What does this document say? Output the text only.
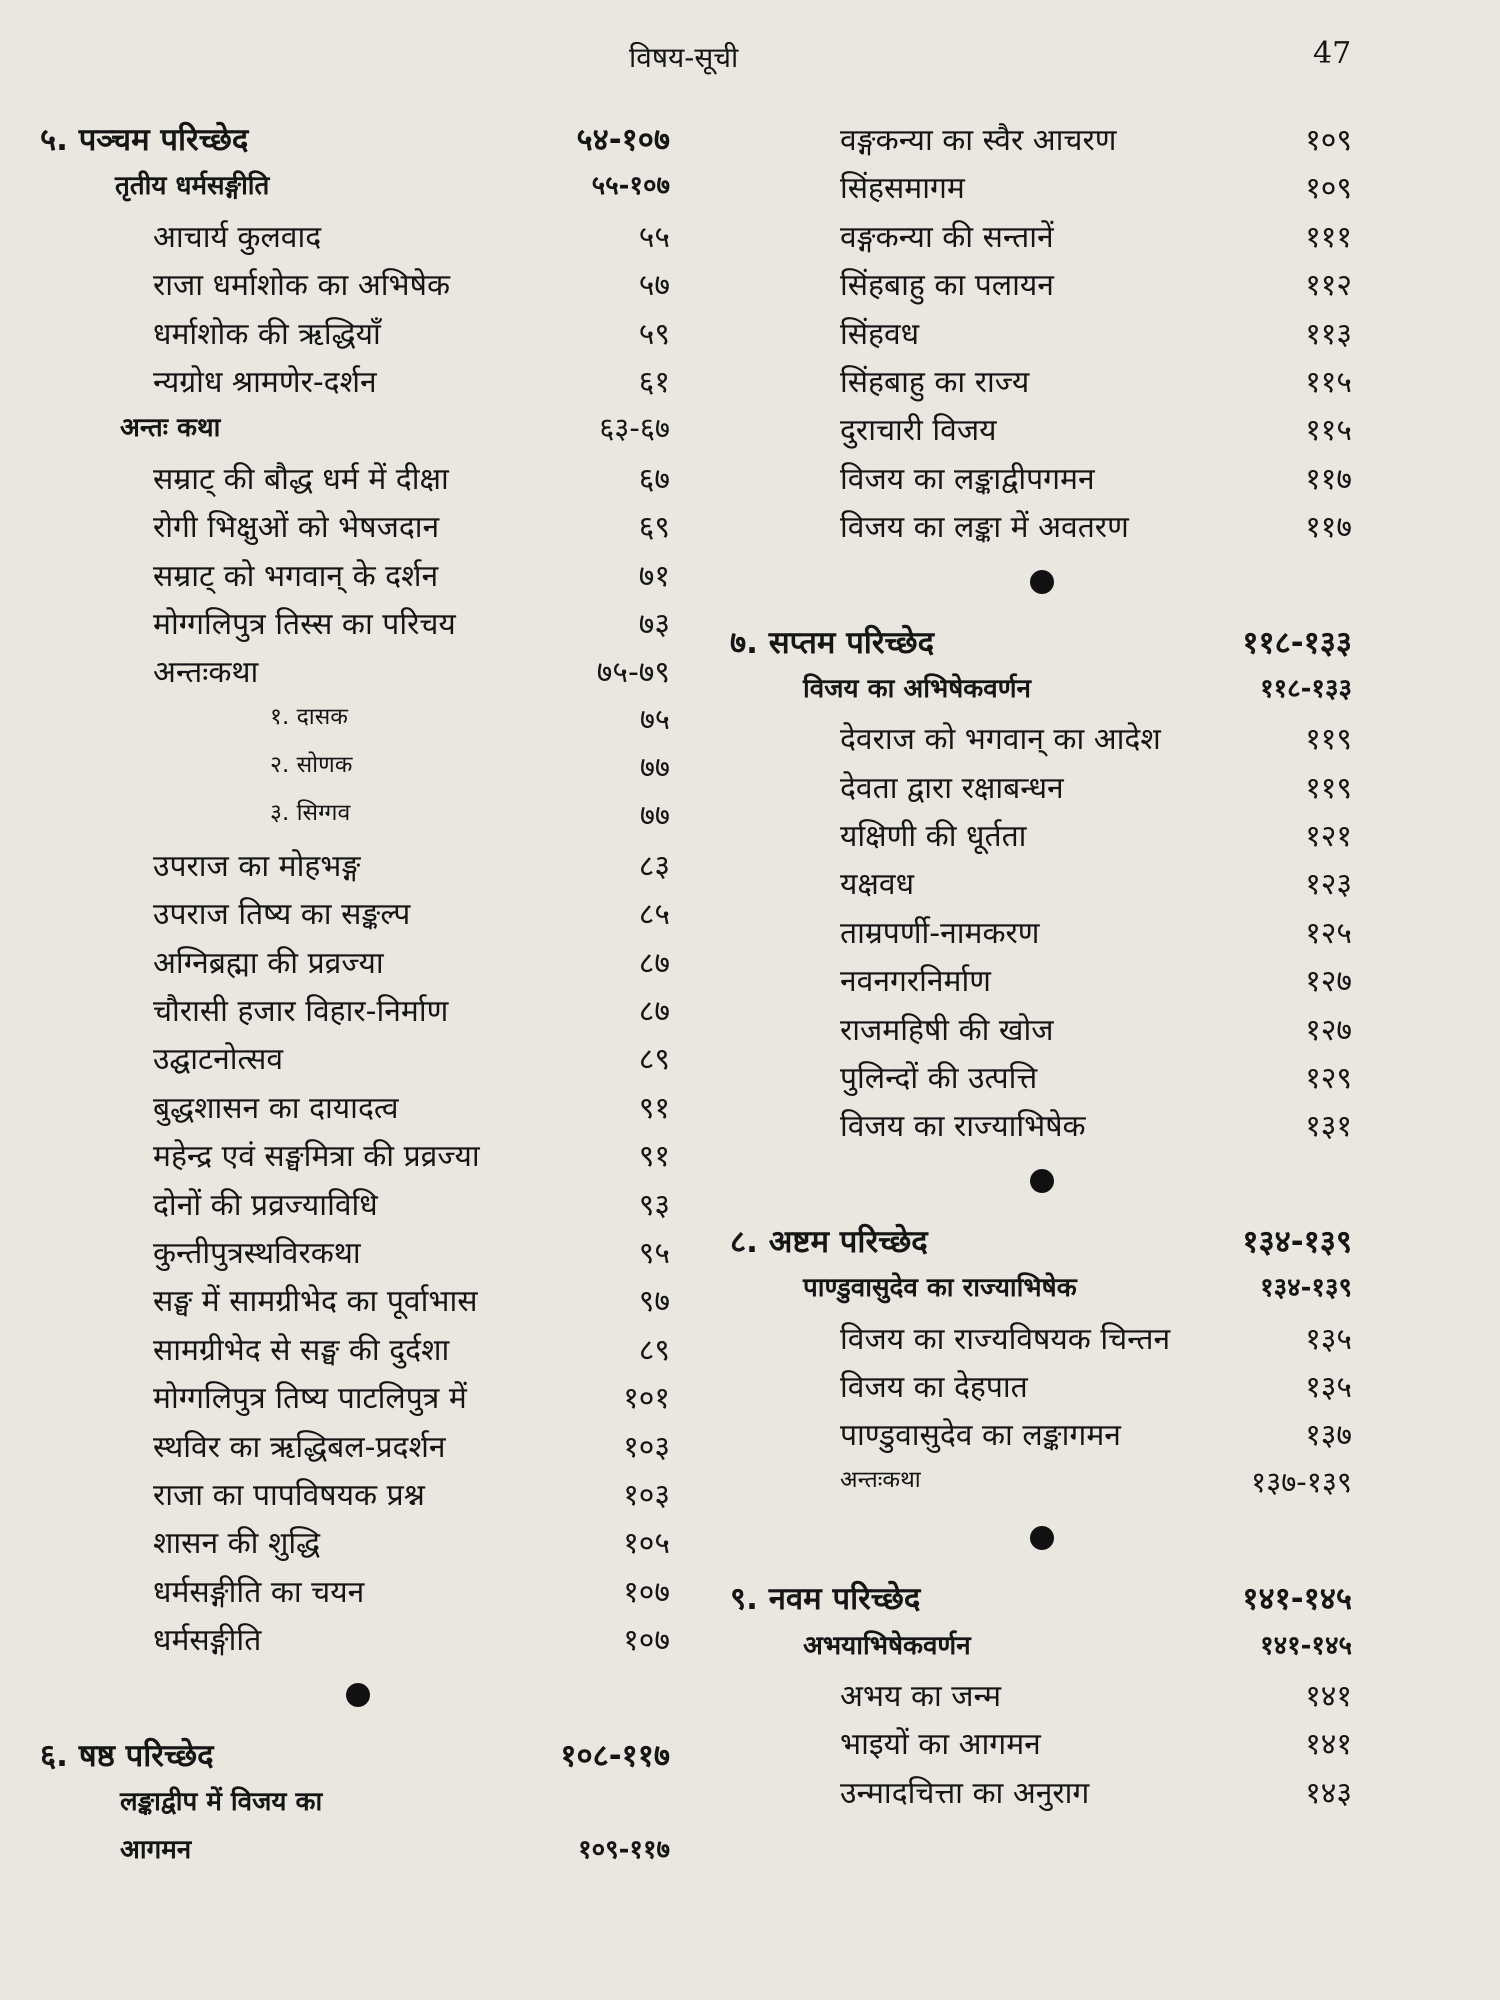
विषय-सूची	47
५. पञ्चम परिच्छेद	५४-१०७
तृतीय धर्मसङ्गीति	५५-१०७
आचार्य कुलवाद	५५
राजा धर्माशोक का अभिषेक	५७
धर्माशोक की ऋद्धियाँ	५९
न्यग्रोध श्रामणेर-दर्शन	६१
अन्तः कथा	६३-६७
सम्राट् की बौद्ध धर्म में दीक्षा	६७
रोगी भिक्षुओं को भेषजदान	६९
सम्राट् को भगवान् के दर्शन	७१
मोग्गलिपुत्र तिस्स का परिचय	७३
अन्तःकथा	७५-७९
१. दासक	७५
२. सोणक	७७
३. सिग्गव	७७
उपराज का मोहभङ्ग	८३
उपराज तिष्य का सङ्कल्प	८५
अग्निब्रह्मा की प्रव्रज्या	८७
चौरासी हजार विहार-निर्माण	८७
उद्घाटनोत्सव	८९
बुद्धशासन का दायादत्व	९१
महेन्द्र एवं सङ्घमित्रा की प्रव्रज्या	९१
दोनों की प्रव्रज्याविधि	९३
कुन्तीपुत्रस्थविरकथा	९५
सङ्घ में सामग्रीभेद का पूर्वाभास	९७
सामग्रीभेद से सङ्घ की दुर्दशा	८९
मोग्गलिपुत्र तिष्य पाटलिपुत्र में	१०१
स्थविर का ऋद्धिबल-प्रदर्शन	१०३
राजा का पापविषयक प्रश्न	१०३
शासन की शुद्धि	१०५
धर्मसङ्गीति का चयन	१०७
धर्मसङ्गीति	१०७
६. षष्ठ परिच्छेद	१०८-११७
लङ्काद्वीप में विजय का
आगमन	१०९-११७
वङ्गकन्या का स्वैर आचरण	१०९
सिंहसमागम	१०९
वङ्गकन्या की सन्तानें	१११
सिंहबाहु का पलायन	११२
सिंहवध	११३
सिंहबाहु का राज्य	११५
दुराचारी विजय	११५
विजय का लङ्काद्वीपगमन	११७
विजय का लङ्का में अवतरण	११७
७. सप्तम परिच्छेद	११८-१३३
विजय का अभिषेकवर्णन	११८-१३३
देवराज को भगवान् का आदेश	११९
देवता द्वारा रक्षाबन्धन	११९
यक्षिणी की धूर्तता	१२१
यक्षवध	१२३
ताम्रपर्णी-नामकरण	१२५
नवनगरनिर्माण	१२७
राजमहिषी की खोज	१२७
पुलिन्दों की उत्पत्ति	१२९
विजय का राज्याभिषेक	१३१
८. अष्टम परिच्छेद	१३४-१३९
पाण्डुवासुदेव का राज्याभिषेक	१३४-१३९
विजय का राज्यविषयक चिन्तन	१३५
विजय का देहपात	१३५
पाण्डुवासुदेव का लङ्कागमन	१३७
अन्तःकथा	१३७-१३९
९. नवम परिच्छेद	१४१-१४५
अभयाभिषेकवर्णन	१४१-१४५
अभय का जन्म	१४१
भाइयों का आगमन	१४१
उन्मादचित्ता का अनुराग	१४३
